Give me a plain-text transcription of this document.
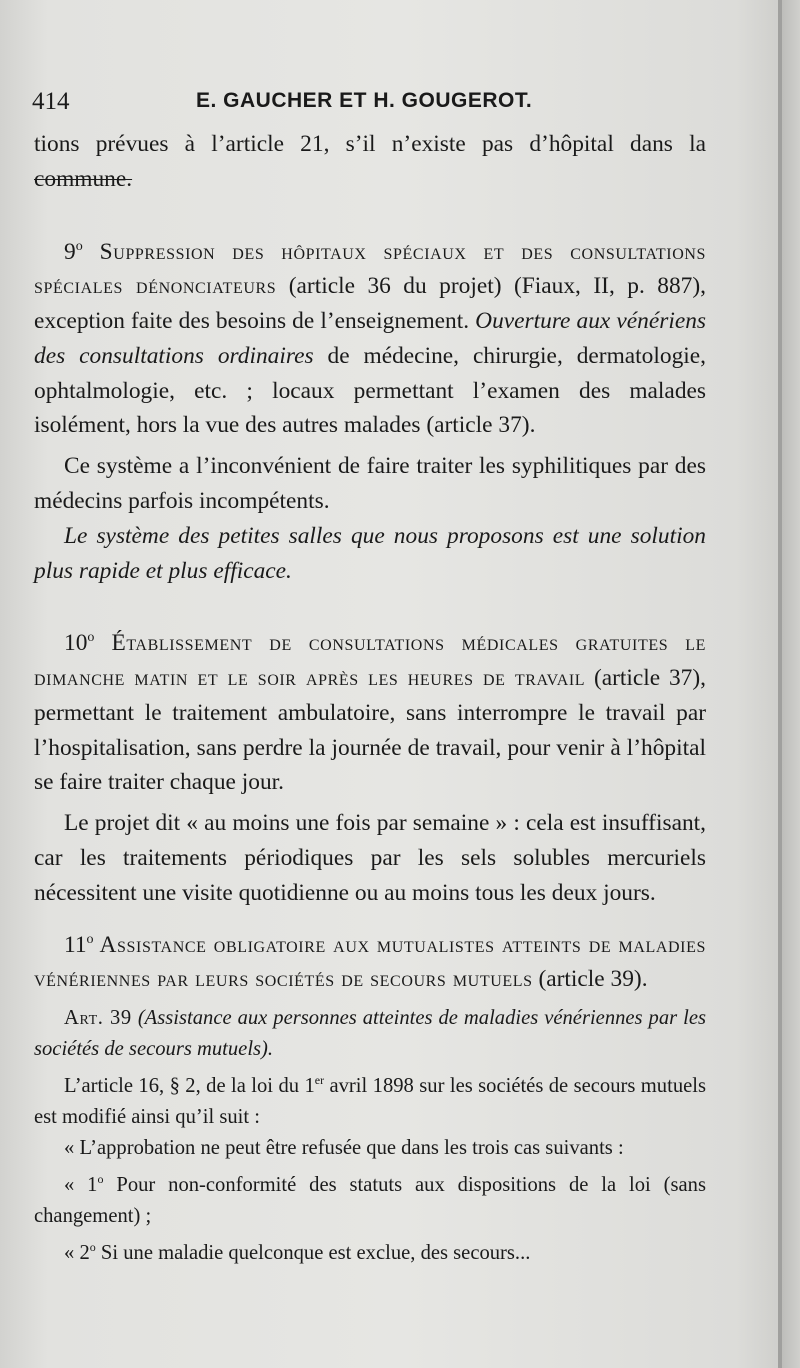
414	E. GAUCHER ET H. GOUGEROT.

tions prévues à l’article 21, s’il n’existe pas d’hôpital dans la commune.

9$^o$ Suppression des hôpitaux spéciaux et des consultations spéciales dénonciateurs (article 36 du projet) (Fiaux, II, p. 887), exception faite des besoins de l’enseignement. Ouverture aux vénériens des consultations ordinaires de médecine, chirurgie, dermatologie, ophtalmologie, etc. ; locaux permettant l’examen des malades isolément, hors la vue des autres malades (article 37).

Ce système a l’inconvénient de faire traiter les syphilitiques par des médecins parfois incompétents.

Le système des petites salles que nous proposons est une solution plus rapide et plus efficace.

10$^o$ Établissement de consultations médicales gratuites le dimanche matin et le soir après les heures de travail (article 37), permettant le traitement ambulatoire, sans interrompre le travail par l’hospitalisation, sans perdre la journée de travail, pour venir à l’hôpital se faire traiter chaque jour.

Le projet dit « au moins une fois par semaine » : cela est insuffisant, car les traitements périodiques par les sels solubles mercuriels nécessitent une visite quotidienne ou au moins tous les deux jours.

11$^o$ Assistance obligatoire aux mutualistes atteints de maladies vénériennes par leurs sociétés de secours mutuels (article 39).

Art. 39 (Assistance aux personnes atteintes de maladies vénériennes par les sociétés de secours mutuels).

L’article 16, § 2, de la loi du 1er avril 1898 sur les sociétés de secours mutuels est modifié ainsi qu’il suit :

« L’approbation ne peut être refusée que dans les trois cas suivants :

« 1$^o$ Pour non-conformité des statuts aux dispositions de la loi (sans changement) ;

« 2$^o$ Si une maladie quelconque est exclue, des secours...
